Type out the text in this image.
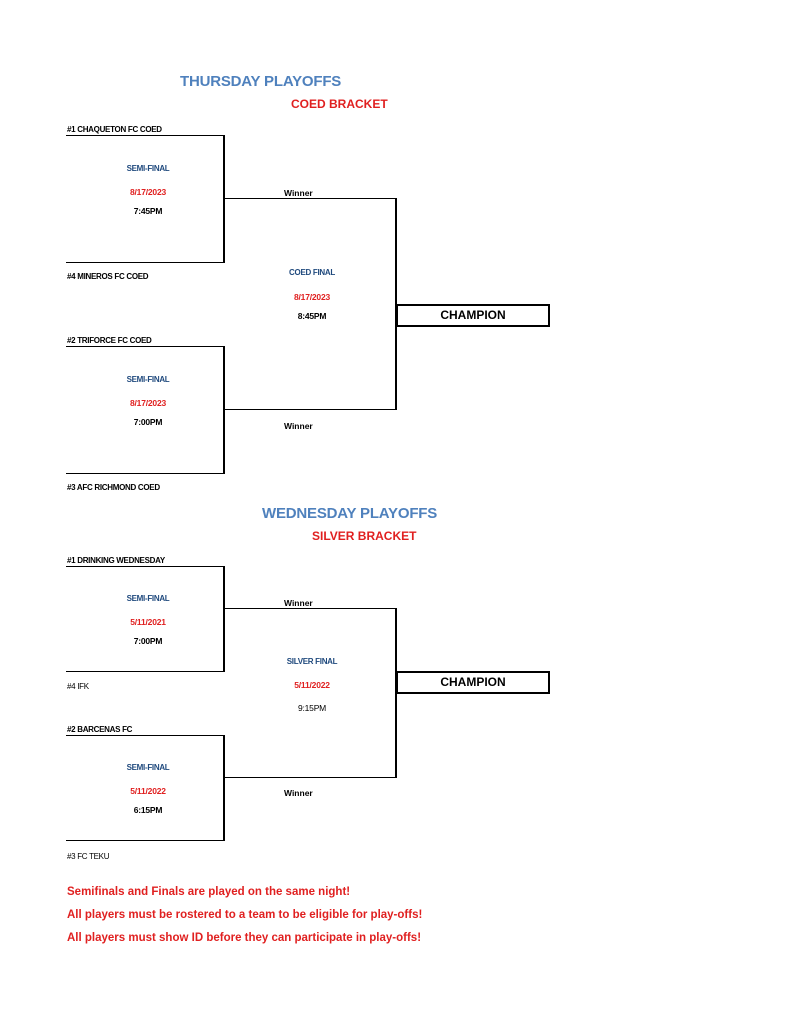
THURSDAY PLAYOFFS
COED BRACKET
#1 CHAQUETON FC COED
#4 MINEROS FC COED
#2 TRIFORCE FC COED
#3 AFC RICHMOND COED
SEMI-FINAL
8/17/2023
7:45PM
SEMI-FINAL
8/17/2023
7:00PM
Winner
Winner
COED FINAL
8/17/2023
8:45PM	CHAMPION
WEDNESDAY PLAYOFFS
SILVER BRACKET
#1 DRINKING WEDNESDAY
#4 IFK
#2 BARCENAS FC
#3 FC TEKU
SEMI-FINAL
5/11/2021
7:00PM
SEMI-FINAL
5/11/2022
6:15PM
Winner
Winner
SILVER FINAL
5/11/2022
9:15PM
CHAMPION
Semifinals and Finals are played on the same night!
All players must be rostered to a team to be eligible for play-offs!
All players must show ID before they can participate in play-offs!
